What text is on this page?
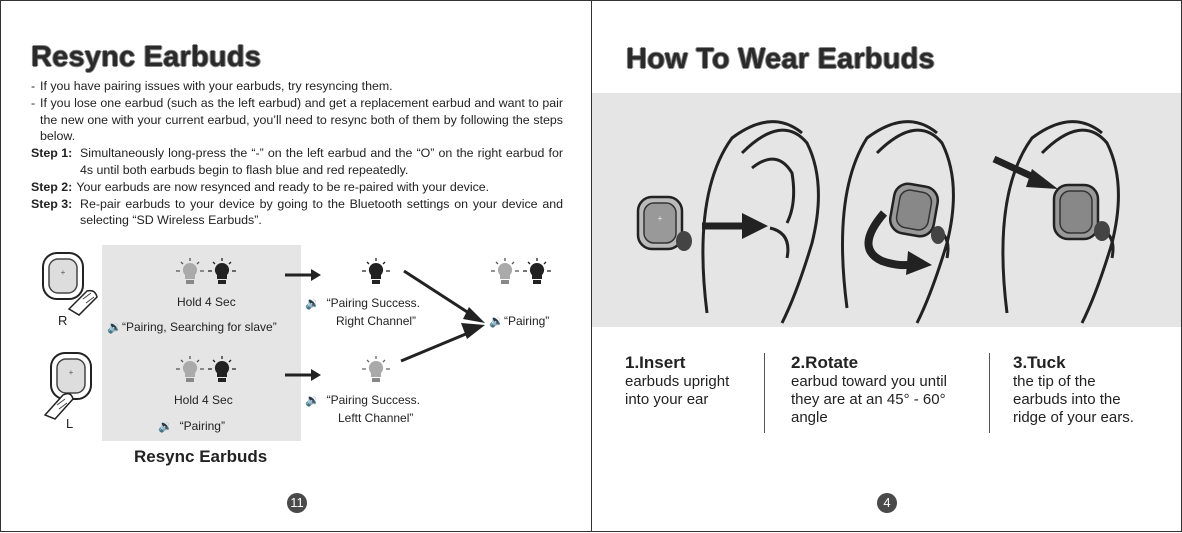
Resync Earbuds
- If you have pairing issues with your earbuds, try resyncing them.
- If you lose one earbud (such as the left earbud) and get a replacement earbud and want to pair the new one with your current earbud, you’ll need to resync both of them by following the steps below.
Step 1: Simultaneously long-press the “-” on the left earbud and the “O” on the right earbud for 4s until both earbuds begin to flash blue and red repeatedly.
Step 2: Your earbuds are now resynced and ready to be re-paired with your device.
Step 3: Re-pair earbuds to your device by going to the Bluetooth settings on your device and selecting “SD Wireless Earbuds”.
+
R
+
L
Hold 4 Sec
🔉“Pairing, Searching for slave”
Hold 4 Sec
🔉 “Pairing”
🔉 “Pairing Success.
Right Channel”
🔉 “Pairing Success.
Leftt Channel”
🔉“Pairing”
Resync Earbuds
11
How To Wear Earbuds
+
1.Insert
earbuds upright
into your ear
2.Rotate
earbud toward you until
they are at an 45° - 60°
angle
3.Tuck
the tip of the
earbuds into the
ridge of your ears.
4
